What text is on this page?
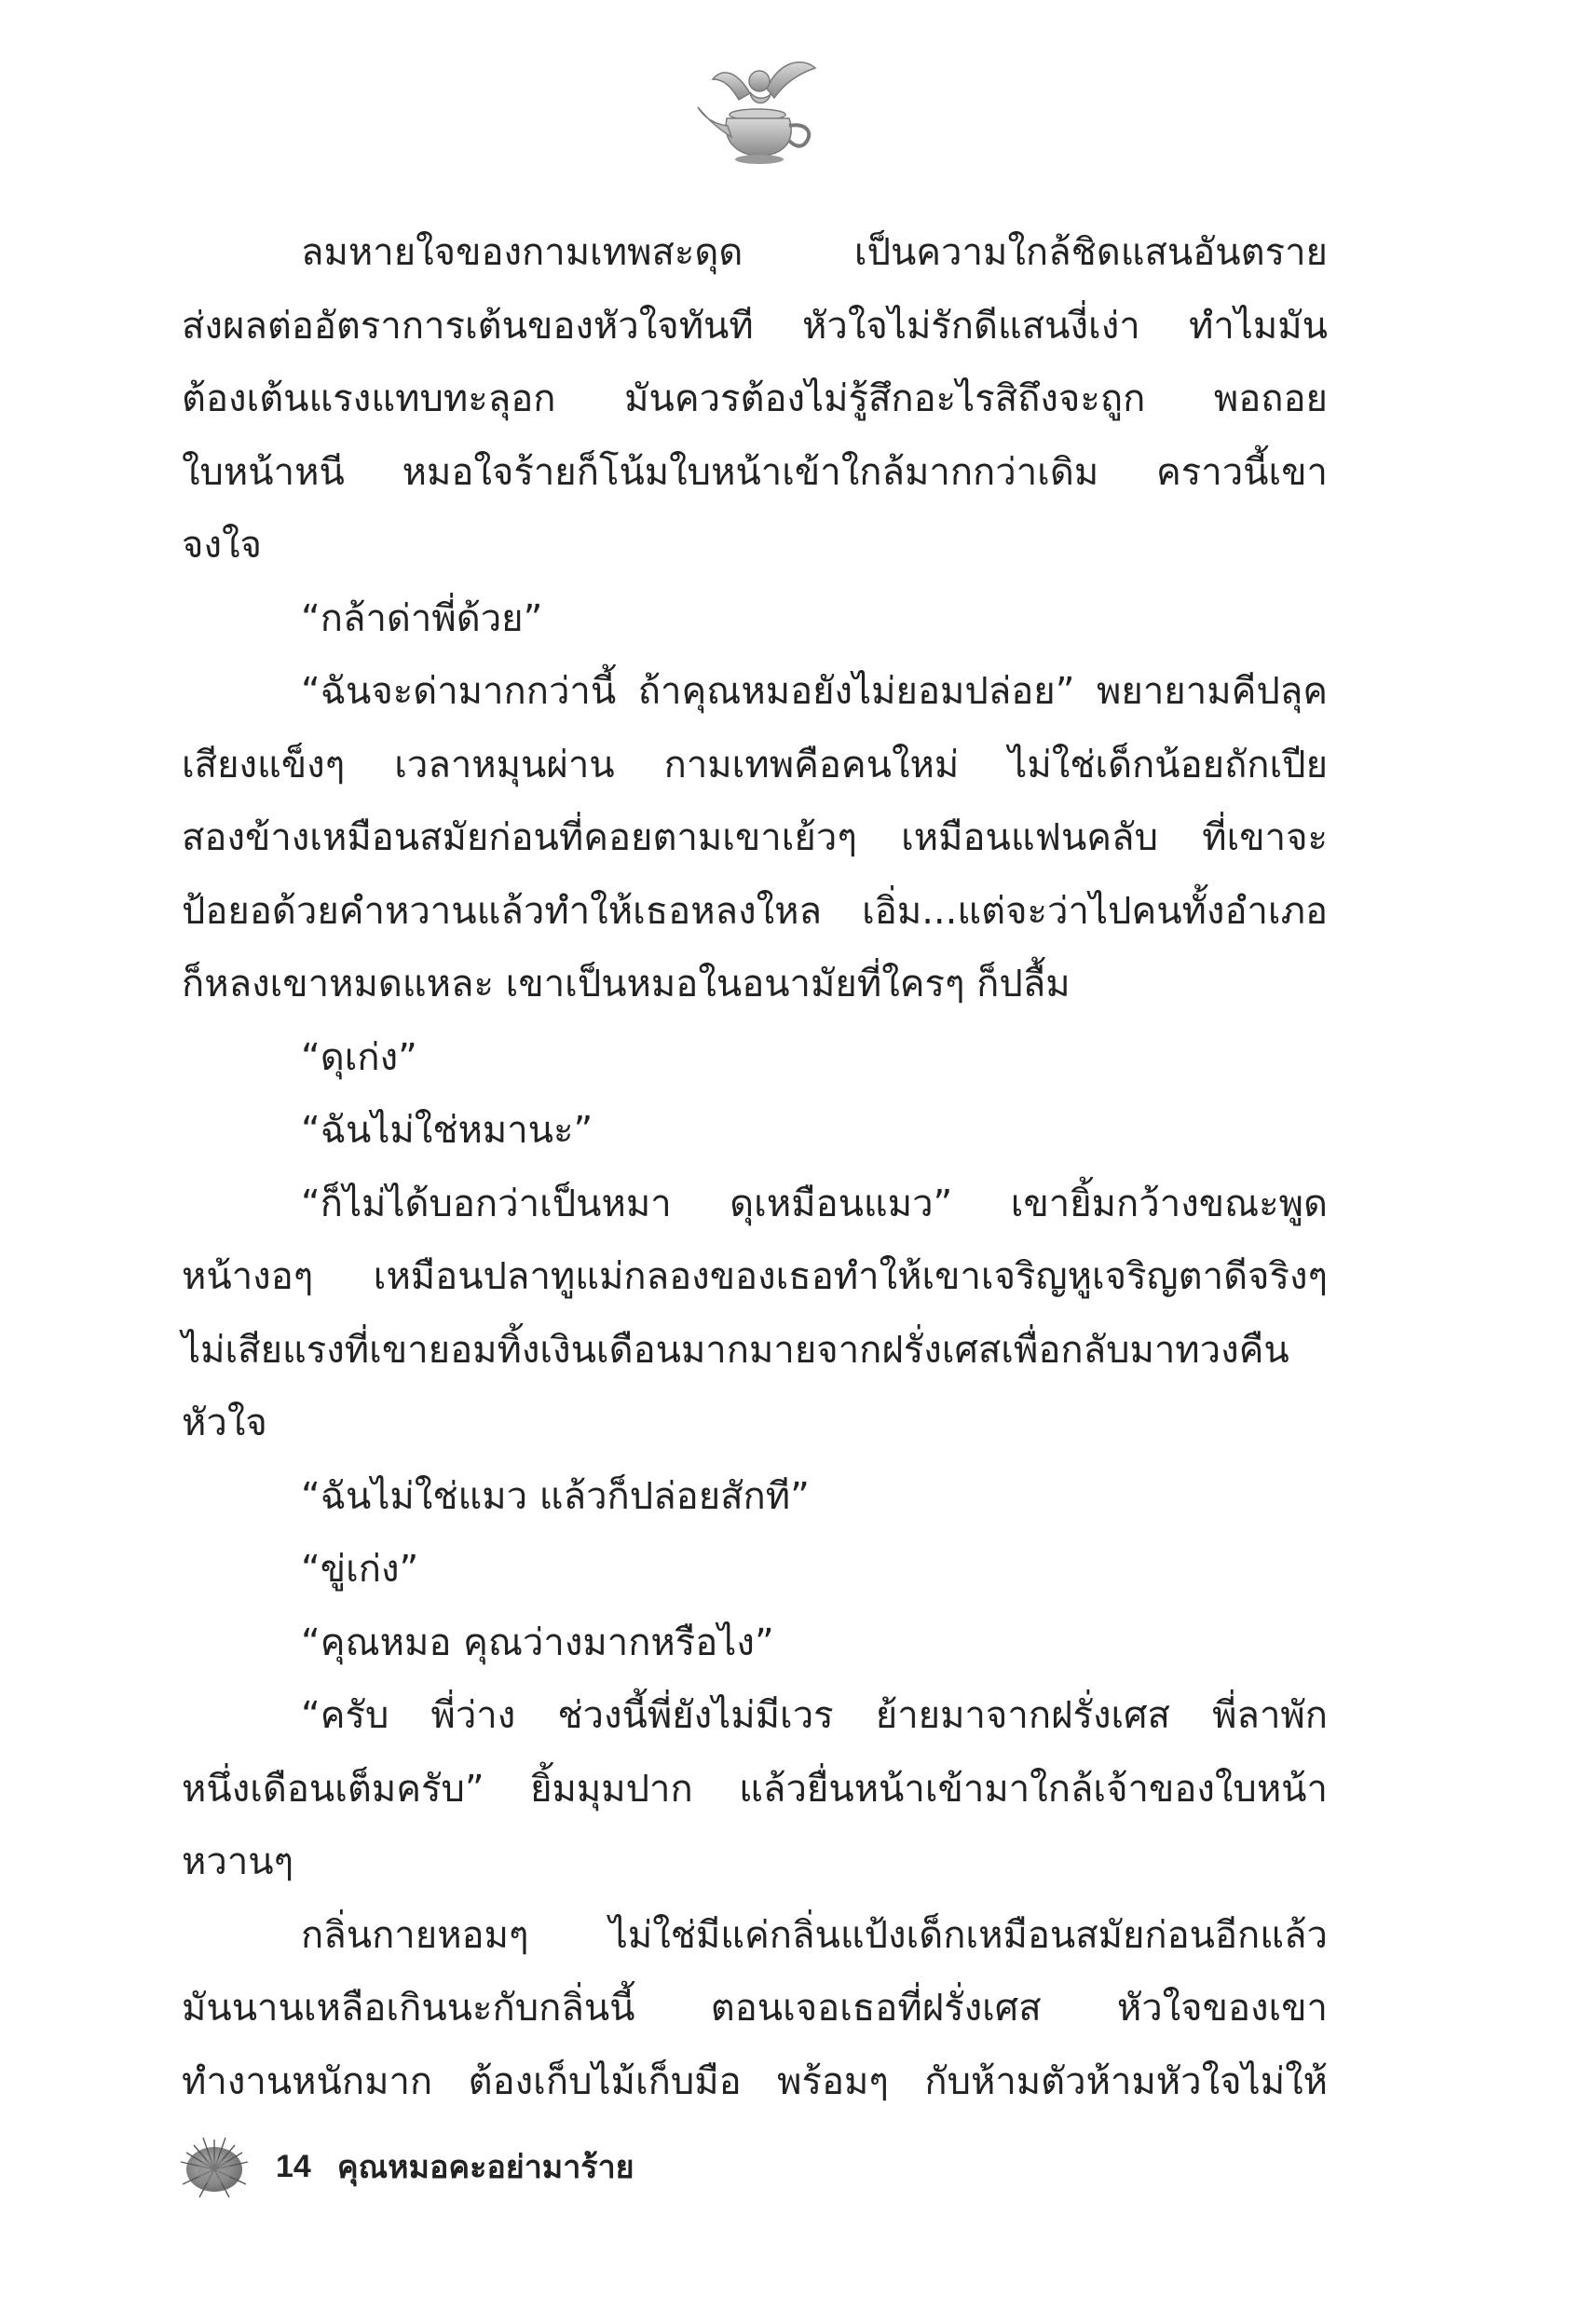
ลมหายใจของกามเทพสะดุด เป็นความใกล้ชิดแสนอันตราย
ส่งผลต่ออัตราการเต้นของหัวใจทันที หัวใจไม่รักดีแสนงี่เง่า ทำไมมัน
ต้องเต้นแรงแทบทะลุอก มันควรต้องไม่รู้สึกอะไรสิถึงจะถูก พอถอย
ใบหน้าหนี หมอใจร้ายก็โน้มใบหน้าเข้าใกล้มากกว่าเดิม คราวนี้เขา
จงใจ
“กล้าด่าพี่ด้วย”
“ฉันจะด่ามากกว่านี้ ถ้าคุณหมอยังไม่ยอมปล่อย” พยายามคีปลุค
เสียงแข็งๆ เวลาหมุนผ่าน กามเทพคือคนใหม่ ไม่ใช่เด็กน้อยถักเปีย
สองข้างเหมือนสมัยก่อนที่คอยตามเขาเย้วๆ เหมือนแฟนคลับ ที่เขาจะ
ป้อยอด้วยคำหวานแล้วทำให้เธอหลงใหล เอิ่ม...แต่จะว่าไปคนทั้งอำเภอ
ก็หลงเขาหมดแหละ เขาเป็นหมอในอนามัยที่ใครๆ ก็ปลื้ม
“ดุเก่ง”
“ฉันไม่ใช่หมานะ”
“ก็ไม่ได้บอกว่าเป็นหมา ดุเหมือนแมว” เขายิ้มกว้างขณะพูด
หน้างอๆ เหมือนปลาทูแม่กลองของเธอทำให้เขาเจริญหูเจริญตาดีจริงๆ
ไม่เสียแรงที่เขายอมทิ้งเงินเดือนมากมายจากฝรั่งเศสเพื่อกลับมาทวงคืน
หัวใจ
“ฉันไม่ใช่แมว แล้วก็ปล่อยสักที”
“ขู่เก่ง”
“คุณหมอ คุณว่างมากหรือไง”
“ครับ พี่ว่าง ช่วงนี้พี่ยังไม่มีเวร ย้ายมาจากฝรั่งเศส พี่ลาพัก
หนึ่งเดือนเต็มครับ” ยิ้มมุมปาก แล้วยื่นหน้าเข้ามาใกล้เจ้าของใบหน้า
หวานๆ
กลิ่นกายหอมๆ ไม่ใช่มีแค่กลิ่นแป้งเด็กเหมือนสมัยก่อนอีกแล้ว
มันนานเหลือเกินนะกับกลิ่นนี้ ตอนเจอเธอที่ฝรั่งเศส หัวใจของเขา
ทำงานหนักมาก ต้องเก็บไม้เก็บมือ พร้อมๆ กับห้ามตัวห้ามหัวใจไม่ให้
14 คุณหมอคะอย่ามาร้าย
